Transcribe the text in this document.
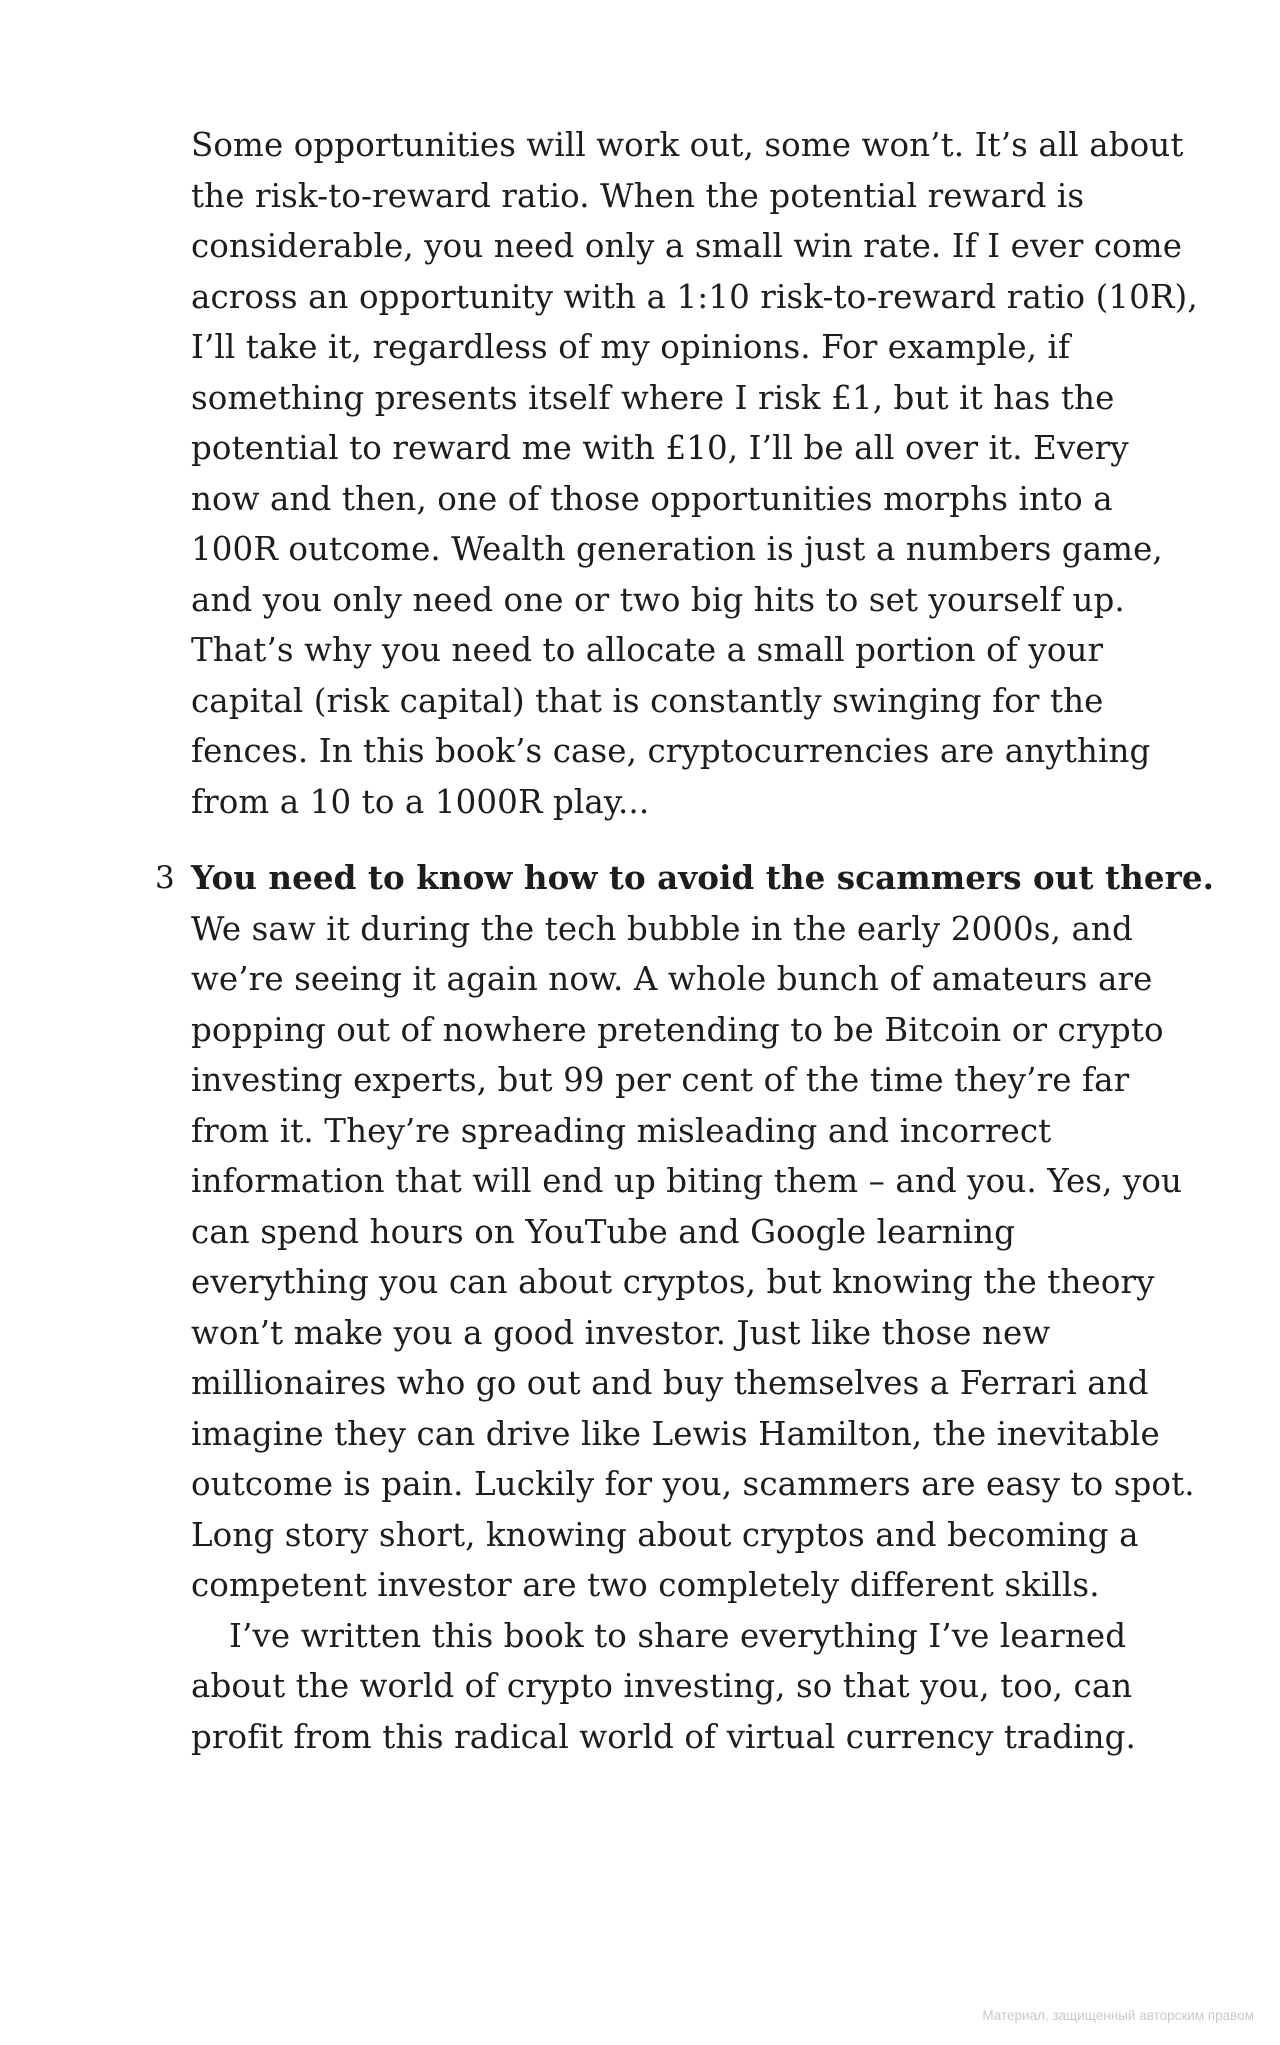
Some opportunities will work out, some won’t. It’s all about
the risk-to-reward ratio. When the potential reward is
considerable, you need only a small win rate. If I ever come
across an opportunity with a 1:10 risk-to-reward ratio (10R),
I’ll take it, regardless of my opinions. For example, if
something presents itself where I risk £1, but it has the
potential to reward me with £10, I’ll be all over it. Every
now and then, one of those opportunities morphs into a
100R outcome. Wealth generation is just a numbers game,
and you only need one or two big hits to set yourself up.
That’s why you need to allocate a small portion of your
capital (risk capital) that is constantly swinging for the
fences. In this book’s case, cryptocurrencies are anything
from a 10 to a 1000R play...
3 You need to know how to avoid the scammers out there.
We saw it during the tech bubble in the early 2000s, and
we’re seeing it again now. A whole bunch of amateurs are
popping out of nowhere pretending to be Bitcoin or crypto
investing experts, but 99 per cent of the time they’re far
from it. They’re spreading misleading and incorrect
information that will end up biting them – and you. Yes, you
can spend hours on YouTube and Google learning
everything you can about cryptos, but knowing the theory
won’t make you a good investor. Just like those new
millionaires who go out and buy themselves a Ferrari and
imagine they can drive like Lewis Hamilton, the inevitable
outcome is pain. Luckily for you, scammers are easy to spot.
Long story short, knowing about cryptos and becoming a
competent investor are two completely different skills.
I’ve written this book to share everything I’ve learned
about the world of crypto investing, so that you, too, can
profit from this radical world of virtual currency trading.
Материал, защищенный авторским правом
